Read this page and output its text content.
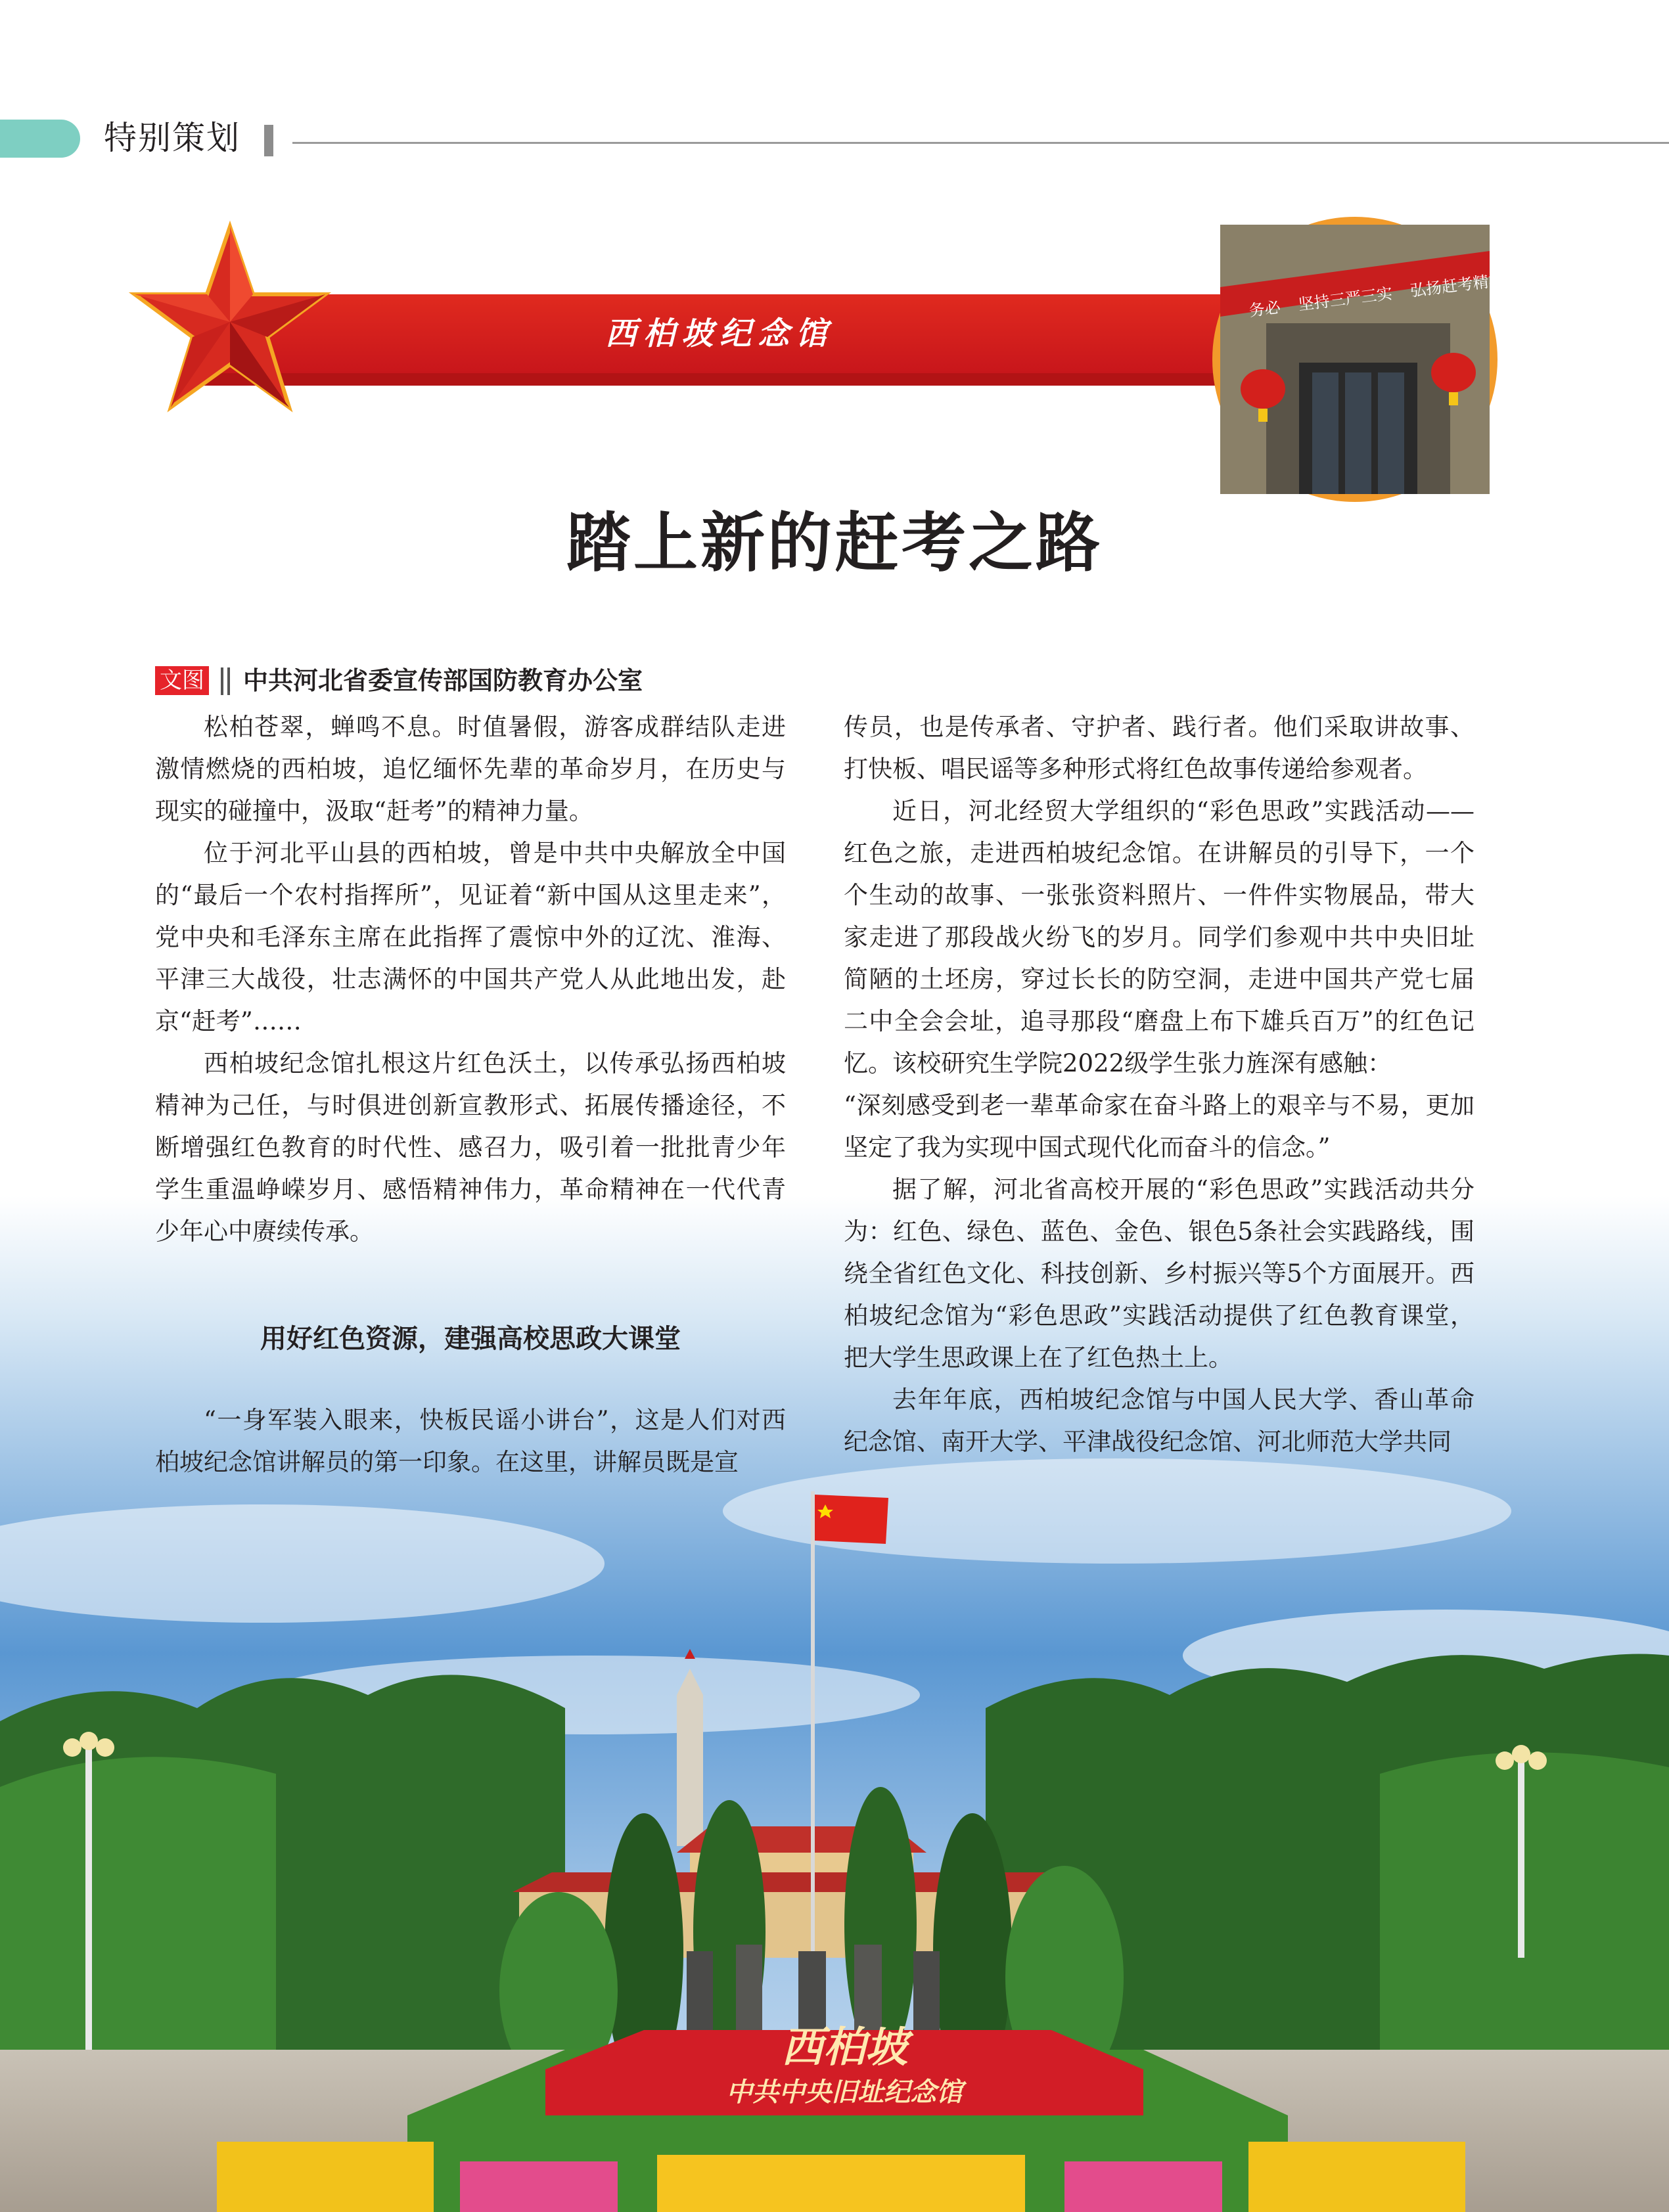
特别策划
西柏坡纪念馆
务必 坚持三严三实 弘扬赶考精神
踏上新的赶考之路
西柏坡
中共中央旧址纪念馆
文图 中共河北省委宣传部国防教育办公室

松柏苍翠，蝉鸣不息。时值暑假，游客成群结队走进激情燃烧的西柏坡，追忆缅怀先辈的革命岁月，在历史与现实的碰撞中，汲取“赶考”的精神力量。

位于河北平山县的西柏坡，曾是中共中央解放全中国的“最后一个农村指挥所”，见证着“新中国从这里走来”，党中央和毛泽东主席在此指挥了震惊中外的辽沈、淮海、平津三大战役，壮志满怀的中国共产党人从此地出发，赴京“赶考”……

西柏坡纪念馆扎根这片红色沃土，以传承弘扬西柏坡精神为己任，与时俱进创新宣教形式、拓展传播途径，不断增强红色教育的时代性、感召力，吸引着一批批青少年学生重温峥嵘岁月、感悟精神伟力，革命精神在一代代青少年心中赓续传承。

用好红色资源，建强高校思政大课堂

“一身军装入眼来，快板民谣小讲台”，这是人们对西柏坡纪念馆讲解员的第一印象。在这里，讲解员既是宣

传员，也是传承者、守护者、践行者。他们采取讲故事、打快板、唱民谣等多种形式将红色故事传递给参观者。

近日，河北经贸大学组织的“彩色思政”实践活动——红色之旅，走进西柏坡纪念馆。在讲解员的引导下，一个个生动的故事、一张张资料照片、一件件实物展品，带大家走进了那段战火纷飞的岁月。同学们参观中共中央旧址简陋的土坯房，穿过长长的防空洞，走进中国共产党七届二中全会会址，追寻那段“磨盘上布下雄兵百万”的红色记忆。该校研究生学院2022级学生张力旌深有感触：

“深刻感受到老一辈革命家在奋斗路上的艰辛与不易，更加坚定了我为实现中国式现代化而奋斗的信念。”

据了解，河北省高校开展的“彩色思政”实践活动共分为：红色、绿色、蓝色、金色、银色5条社会实践路线，围绕全省红色文化、科技创新、乡村振兴等5个方面展开。西柏坡纪念馆为“彩色思政”实践活动提供了红色教育课堂，把大学生思政课上在了红色热土上。

去年年底，西柏坡纪念馆与中国人民大学、香山革命纪念馆、南开大学、平津战役纪念馆、河北师范大学共同
